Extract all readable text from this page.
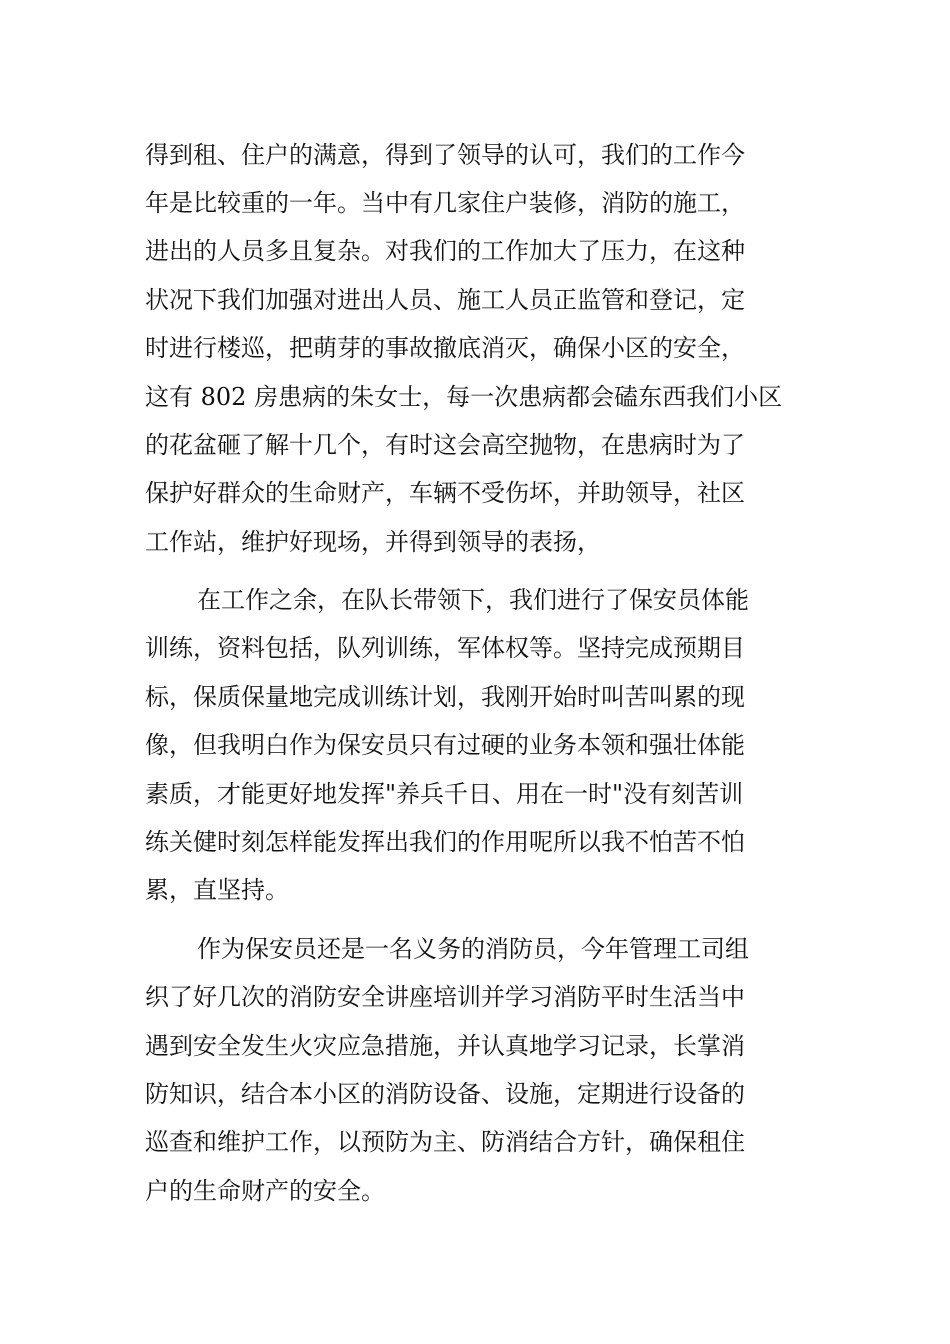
得到租、住户的满意，得到了领导的认可，我们的工作今
年是比较重的一年。当中有几家住户装修，消防的施工，
进出的人员多且复杂。对我们的工作加大了压力，在这种
状况下我们加强对进出人员、施工人员正监管和登记，定
时进行楼巡，把萌芽的事故撤底消灭，确保小区的安全，
这有 802 房患病的朱女士，每一次患病都会磕东西我们小区
的花盆砸了解十几个，有时这会高空抛物，在患病时为了
保护好群众的生命财产，车辆不受伤坏，并助领导，社区
工作站，维护好现场，并得到领导的表扬，
在工作之余，在队长带领下，我们进行了保安员体能
训练，资料包括，队列训练，军体权等。坚持完成预期目
标，保质保量地完成训练计划，我刚开始时叫苦叫累的现
像，但我明白作为保安员只有过硬的业务本领和强壮体能
素质，才能更好地发挥"养兵千日、用在一时"没有刻苦训
练关健时刻怎样能发挥出我们的作用呢所以我不怕苦不怕
累，直坚持。
作为保安员还是一名义务的消防员，今年管理工司组
织了好几次的消防安全讲座培训并学习消防平时生活当中
遇到安全发生火灾应急措施，并认真地学习记录，长掌消
防知识，结合本小区的消防设备、设施，定期进行设备的
巡查和维护工作，以预防为主、防消结合方针，确保租住
户的生命财产的安全。
